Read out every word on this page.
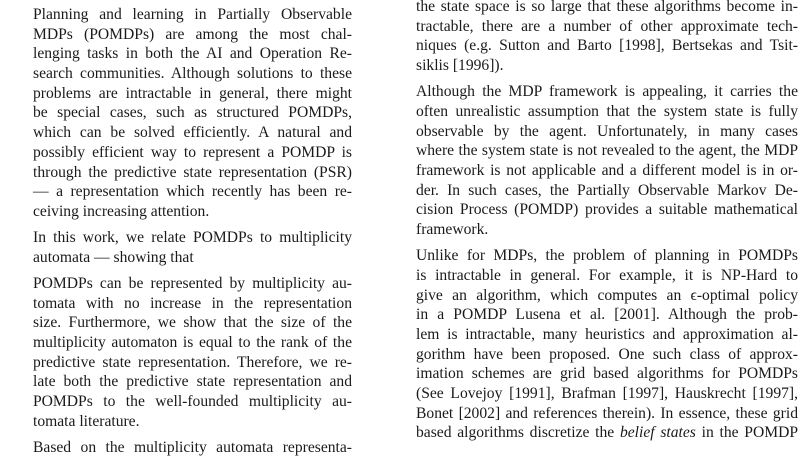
Planning and learning in Partially Observable
MDPs (POMDPs) are among the most chal-
lenging tasks in both the AI and Operation Re-
search communities. Although solutions to these
problems are intractable in general, there might
be special cases, such as structured POMDPs,
which can be solved efficiently. A natural and
possibly efficient way to represent a POMDP is
through the predictive state representation (PSR)
— a representation which recently has been re-
ceiving increasing attention.
In this work, we relate POMDPs to multiplicity
automata — showing that
POMDPs can be represented by multiplicity au-
tomata with no increase in the representation
size. Furthermore, we show that the size of the
multiplicity automaton is equal to the rank of the
predictive state representation. Therefore, we re-
late both the predictive state representation and
POMDPs to the well-founded multiplicity au-
tomata literature.
Based on the multiplicity automata representa-
the state space is so large that these algorithms become in-
tractable, there are a number of other approximate tech-
niques (e.g. Sutton and Barto [1998], Bertsekas and Tsit-
siklis [1996]).
Although the MDP framework is appealing, it carries the
often unrealistic assumption that the system state is fully
observable by the agent. Unfortunately, in many cases
where the system state is not revealed to the agent, the MDP
framework is not applicable and a different model is in or-
der. In such cases, the Partially Observable Markov De-
cision Process (POMDP) provides a suitable mathematical
framework.
Unlike for MDPs, the problem of planning in POMDPs
is intractable in general. For example, it is NP-Hard to
give an algorithm, which computes an ϵ-optimal policy
in a POMDP Lusena et al. [2001]. Although the prob-
lem is intractable, many heuristics and approximation al-
gorithm have been proposed. One such class of approx-
imation schemes are grid based algorithms for POMDPs
(See Lovejoy [1991], Brafman [1997], Hauskrecht [1997],
Bonet [2002] and references therein). In essence, these grid
based algorithms discretize the belief states in the POMDP
